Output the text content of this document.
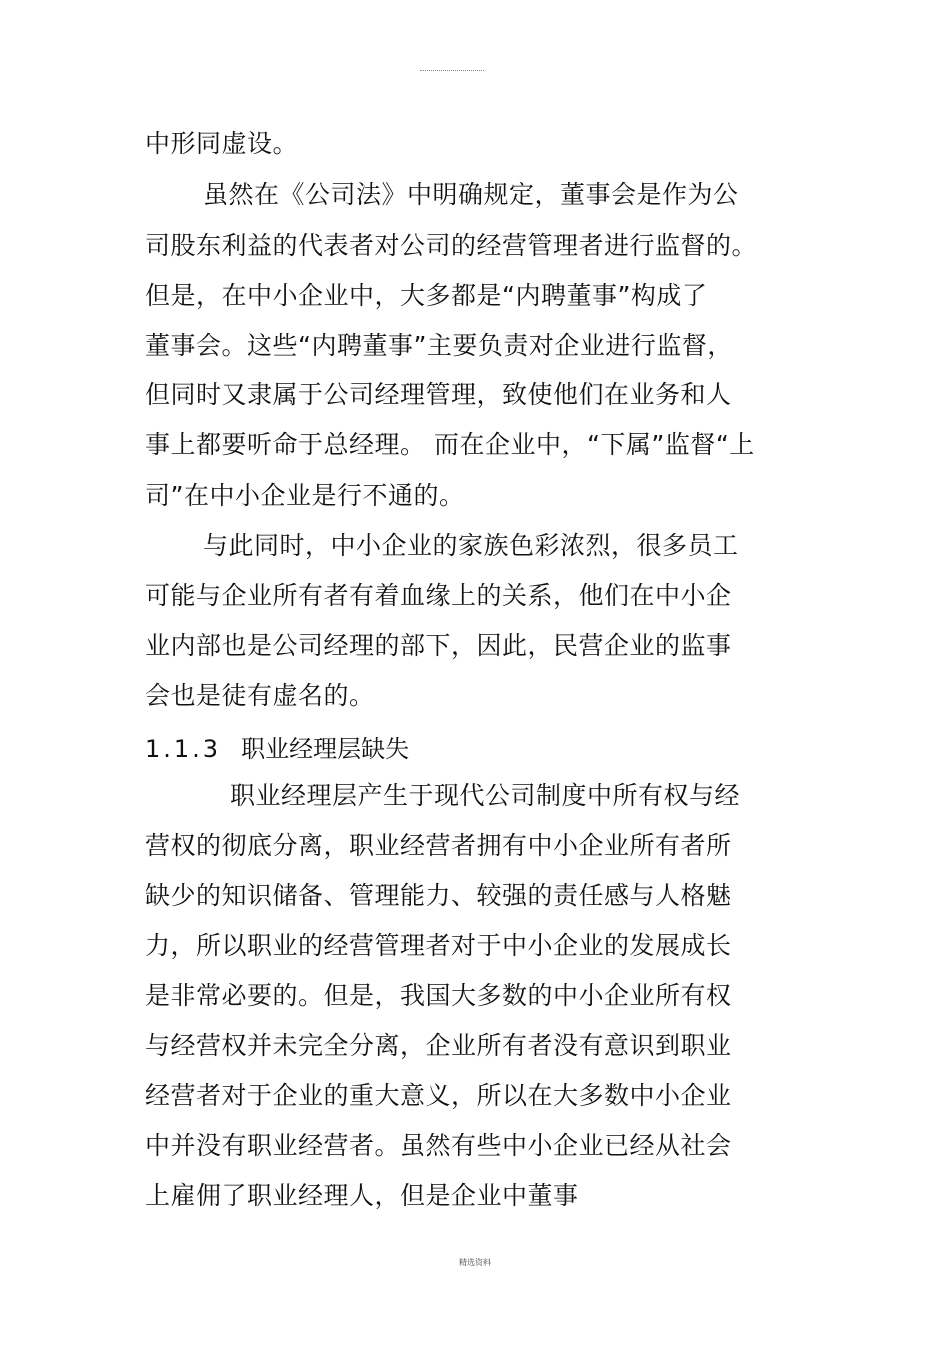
中形同虚设。
虽然在《公司法》中明确规定，董事会是作为公
司股东利益的代表者对公司的经营管理者进行监督的。
但是，在中小企业中，大多都是“内聘董事”构成了
董事会。这些“内聘董事”主要负责对企业进行监督，
但同时又隶属于公司经理管理，致使他们在业务和人
事上都要听命于总经理。 而在企业中，“下属”监督“上
司”在中小企业是行不通的。
与此同时，中小企业的家族色彩浓烈，很多员工
可能与企业所有者有着血缘上的关系，他们在中小企
业内部也是公司经理的部下，因此，民营企业的监事
会也是徒有虚名的。
1.1.3 职业经理层缺失
职业经理层产生于现代公司制度中所有权与经
营权的彻底分离，职业经营者拥有中小企业所有者所
缺少的知识储备、管理能力、较强的责任感与人格魅
力，所以职业的经营管理者对于中小企业的发展成长
是非常必要的。但是，我国大多数的中小企业所有权
与经营权并未完全分离，企业所有者没有意识到职业
经营者对于企业的重大意义，所以在大多数中小企业
中并没有职业经营者。虽然有些中小企业已经从社会
上雇佣了职业经理人，但是企业中董事
精选资料
